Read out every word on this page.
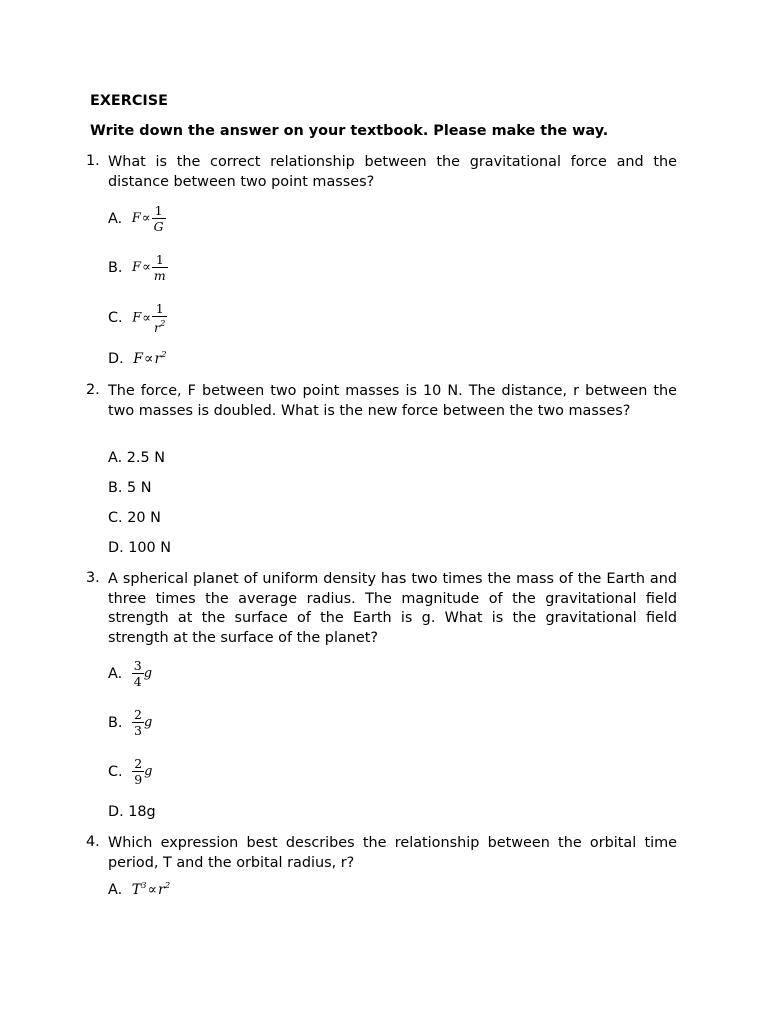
EXERCISE
Write down the answer on your textbook. Please make the way.
1. What is the correct relationship between the gravitational force and the distance between two point masses?
A. $F\propto \frac{1}{G}$
B. $F\propto \frac{1}{m}$
C. $F\propto \frac{1}{r^2}$
D. $F\propto r^2$
2. The force, F between two point masses is 10 N. The distance, r between the two masses is doubled. What is the new force between the two masses?
A. 2.5 N
B. 5 N
C. 20 N
D. 100 N
3. A spherical planet of uniform density has two times the mass of the Earth and three times the average radius. The magnitude of the gravitational field strength at the surface of the Earth is g. What is the gravitational field strength at the surface of the planet?
A. $\frac{3}{4}$ g
B. $\frac{2}{3}$ g
C. $\frac{2}{9}$ g
D. 18g
4. Which expression best describes the relationship between the orbital time period, T and the orbital radius, r?
A. $T^3\propto r^2$
